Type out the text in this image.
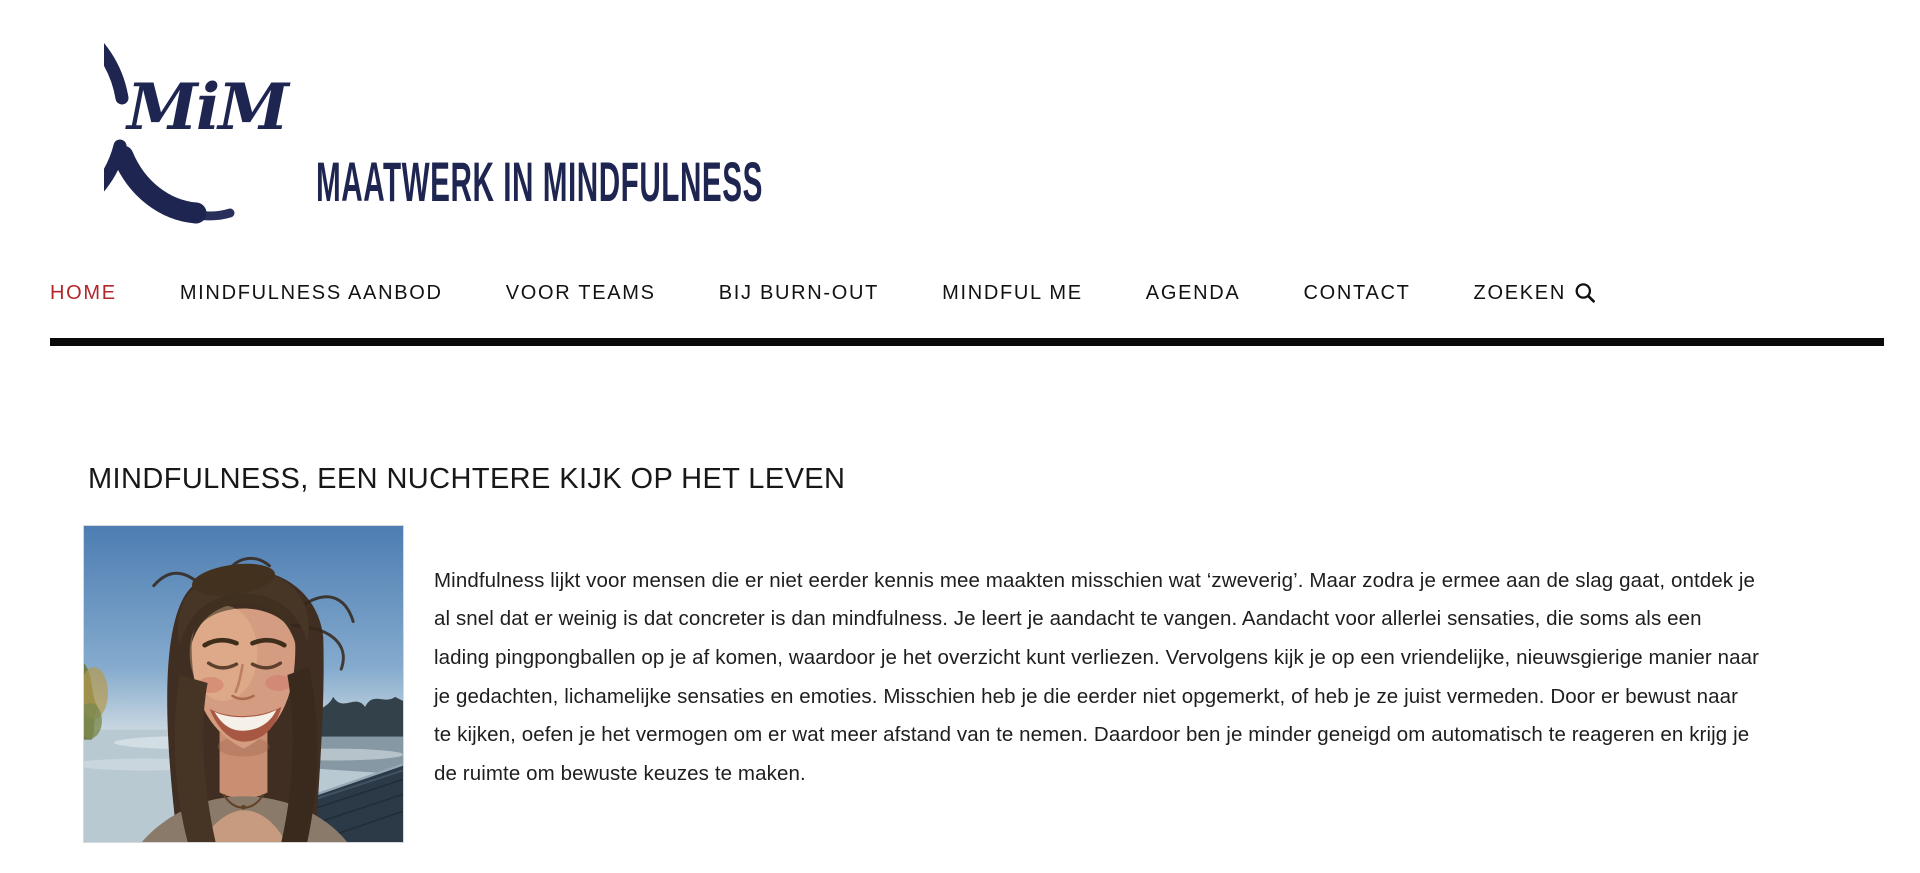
MiM
MAATWERK IN MINDFULNESS
HOME	MINDFULNESS AANBOD	VOOR TEAMS	BIJ BURN-OUT	MINDFUL ME	AGENDA	CONTACT	ZOEKEN
MINDFULNESS, EEN NUCHTERE KIJK OP HET LEVEN

Mindfulness lijkt voor mensen die er niet eerder kennis mee maakten misschien wat ‘zweverig’. Maar zodra je ermee aan de slag gaat, ontdek je al snel dat er weinig is dat concreter is dan mindfulness. Je leert je aandacht te vangen. Aandacht voor allerlei sensaties, die soms als een lading pingpongballen op je af komen, waardoor je het overzicht kunt verliezen. Vervolgens kijk je op een vriendelijke, nieuwsgierige manier naar je gedachten, lichamelijke sensaties en emoties. Misschien heb je die eerder niet opgemerkt, of heb je ze juist vermeden. Door er bewust naar te kijken, oefen je het vermogen om er wat meer afstand van te nemen. Daardoor ben je minder geneigd om automatisch te reageren en krijg je de ruimte om bewuste keuzes te maken.
